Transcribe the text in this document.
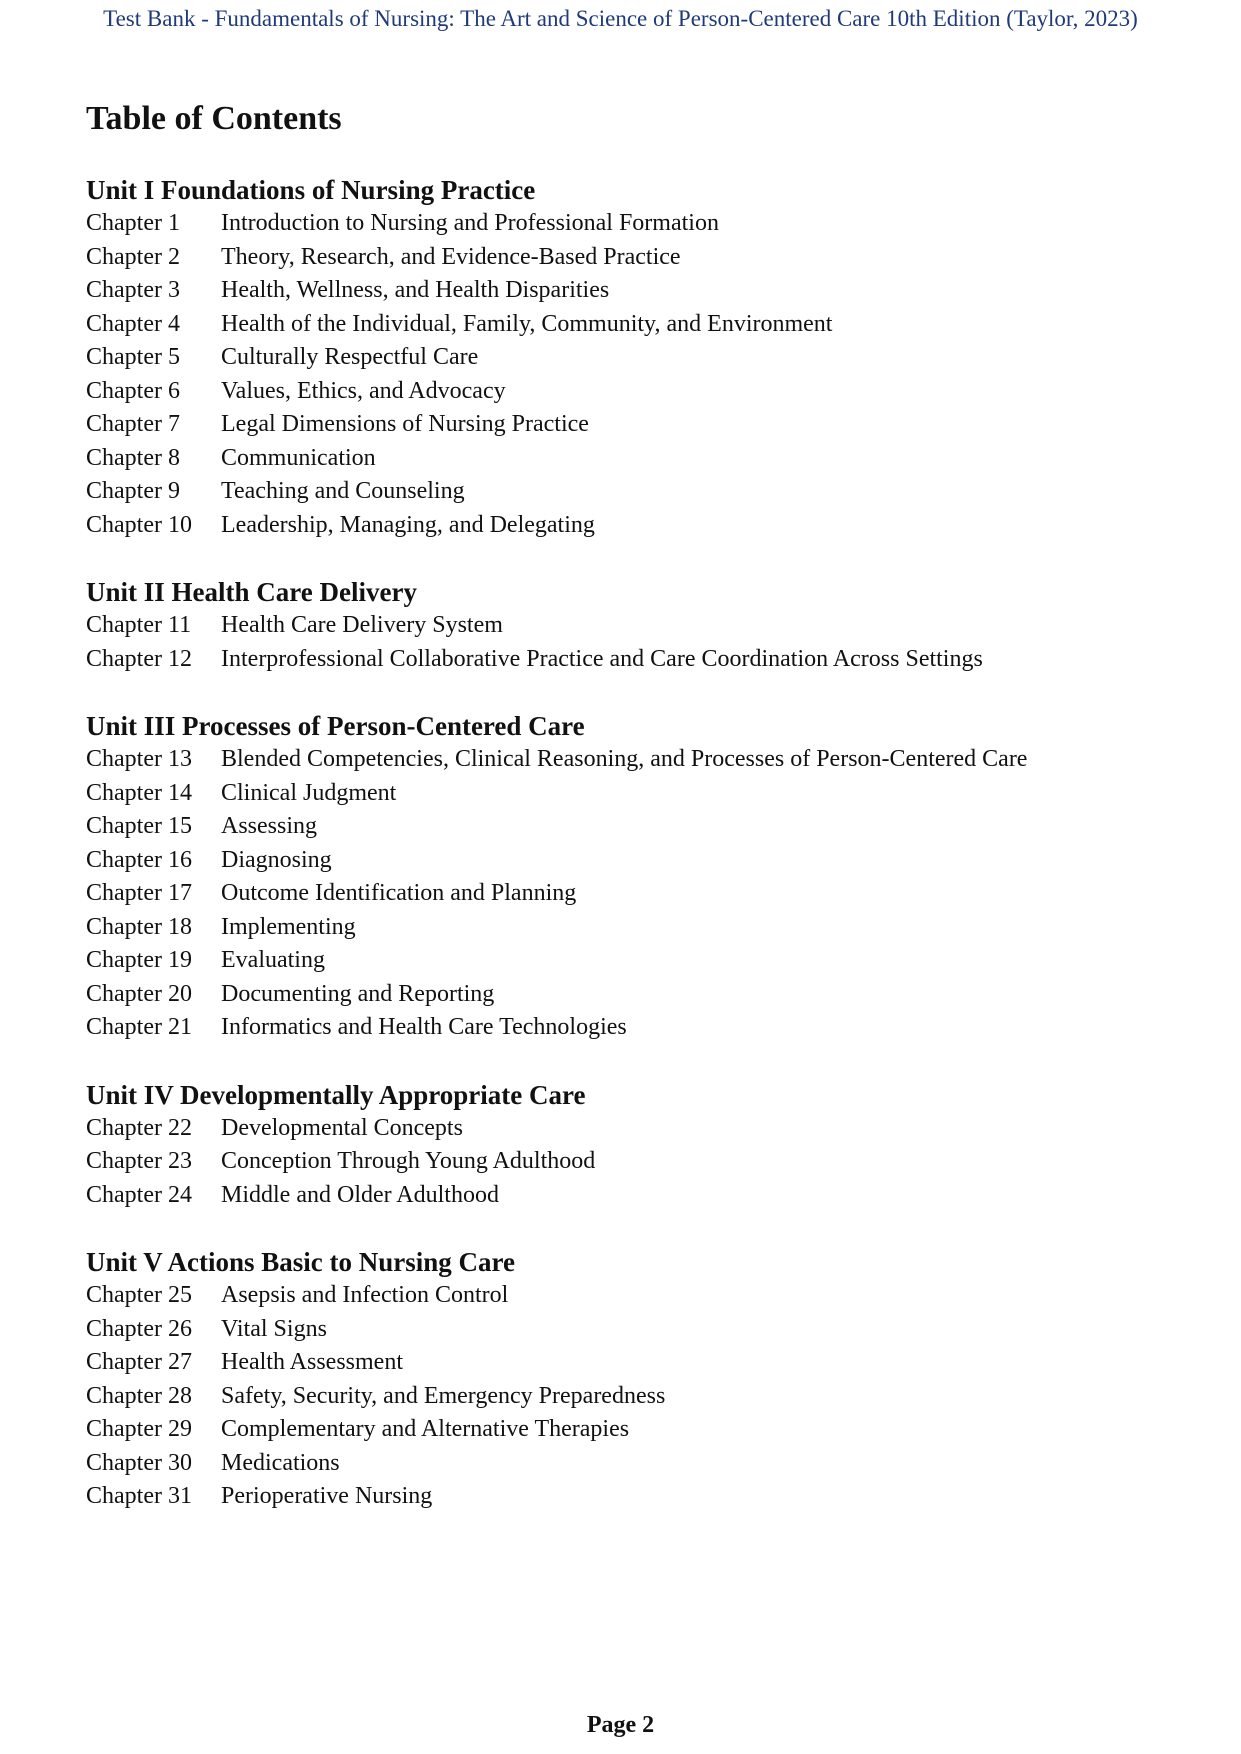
Test Bank - Fundamentals of Nursing: The Art and Science of Person-Centered Care 10th Edition (Taylor, 2023)
Table of Contents
Unit I Foundations of Nursing Practice
Chapter 1	Introduction to Nursing and Professional Formation
Chapter 2	Theory, Research, and Evidence-Based Practice
Chapter 3	Health, Wellness, and Health Disparities
Chapter 4	Health of the Individual, Family, Community, and Environment
Chapter 5	Culturally Respectful Care
Chapter 6	Values, Ethics, and Advocacy
Chapter 7	Legal Dimensions of Nursing Practice
Chapter 8	Communication
Chapter 9	Teaching and Counseling
Chapter 10	Leadership, Managing, and Delegating
Unit II Health Care Delivery
Chapter 11	Health Care Delivery System
Chapter 12	Interprofessional Collaborative Practice and Care Coordination Across Settings
Unit III Processes of Person-Centered Care
Chapter 13	Blended Competencies, Clinical Reasoning, and Processes of Person-Centered Care
Chapter 14	Clinical Judgment
Chapter 15	Assessing
Chapter 16	Diagnosing
Chapter 17	Outcome Identification and Planning
Chapter 18	Implementing
Chapter 19	Evaluating
Chapter 20	Documenting and Reporting
Chapter 21	Informatics and Health Care Technologies
Unit IV Developmentally Appropriate Care
Chapter 22	Developmental Concepts
Chapter 23	Conception Through Young Adulthood
Chapter 24	Middle and Older Adulthood
Unit V Actions Basic to Nursing Care
Chapter 25	Asepsis and Infection Control
Chapter 26	Vital Signs
Chapter 27	Health Assessment
Chapter 28	Safety, Security, and Emergency Preparedness
Chapter 29	Complementary and Alternative Therapies
Chapter 30	Medications
Chapter 31	Perioperative Nursing
Page 2
